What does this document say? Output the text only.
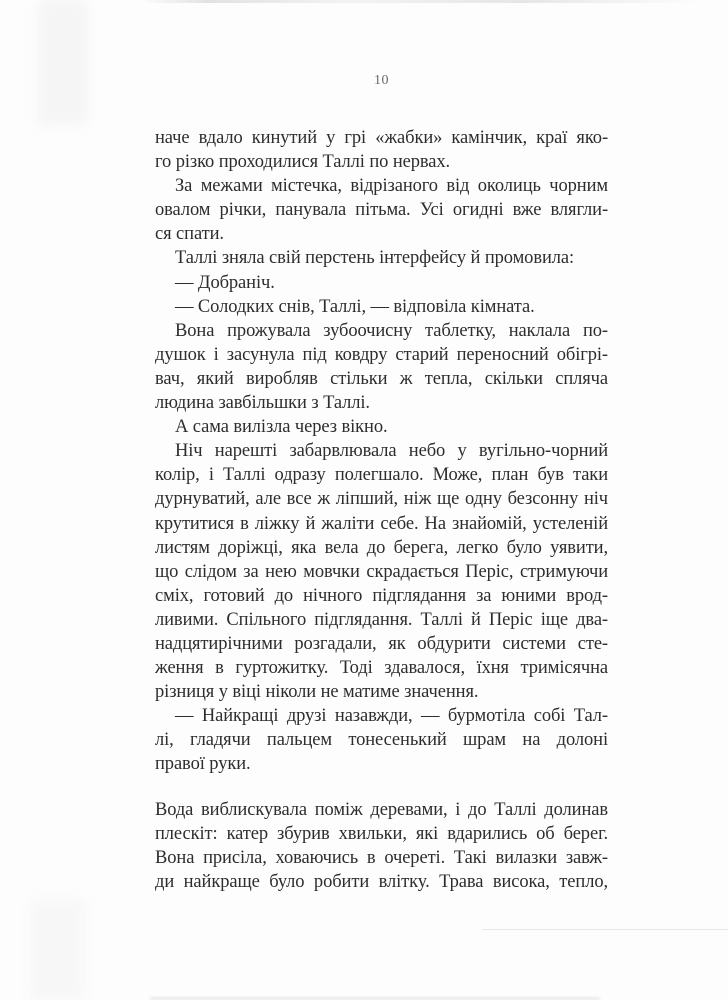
10
наче вдало кинутий у грі «жабки» камінчик, краї яко-
го різко проходилися Таллі по нервах.
За межами містечка, відрізаного від околиць чорним
овалом річки, панувала пітьма. Усі огидні вже влягли-
ся спати.
Таллі зняла свій перстень інтерфейсу й промовила:
— Добраніч.
— Солодких снів, Таллі, — відповіла кімната.
Вона прожувала зубоочисну таблетку, наклала по-
душок і засунула під ковдру старий переносний обігрі-
вач, який виробляв стільки ж тепла, скільки спляча
людина завбільшки з Таллі.
А сама вилізла через вікно.
Ніч нарешті забарвлювала небо у вугільно-чорний
колір, і Таллі одразу полегшало. Може, план був таки
дурнуватий, але все ж ліпший, ніж ще одну безсонну ніч
крутитися в ліжку й жаліти себе. На знайомій, устеленій
листям доріжці, яка вела до берега, легко було уявити,
що слідом за нею мовчки скрадається Періс, стримуючи
сміх, готовий до нічного підглядання за юними врод-
ливими. Спільного підглядання. Таллі й Періс іще два-
надцятирічними розгадали, як обдурити системи сте-
ження в гуртожитку. Тоді здавалося, їхня тримісячна
різниця у віці ніколи не матиме значення.
— Найкращі друзі назавжди, — бурмотіла собі Тал-
лі, гладячи пальцем тонесенький шрам на долоні
правої руки.
Вода виблискувала поміж деревами, і до Таллі долинав
плескіт: катер збурив хвильки, які вдарились об берег.
Вона присіла, ховаючись в очереті. Такі вилазки завж-
ди найкраще було робити влітку. Трава висока, тепло,
